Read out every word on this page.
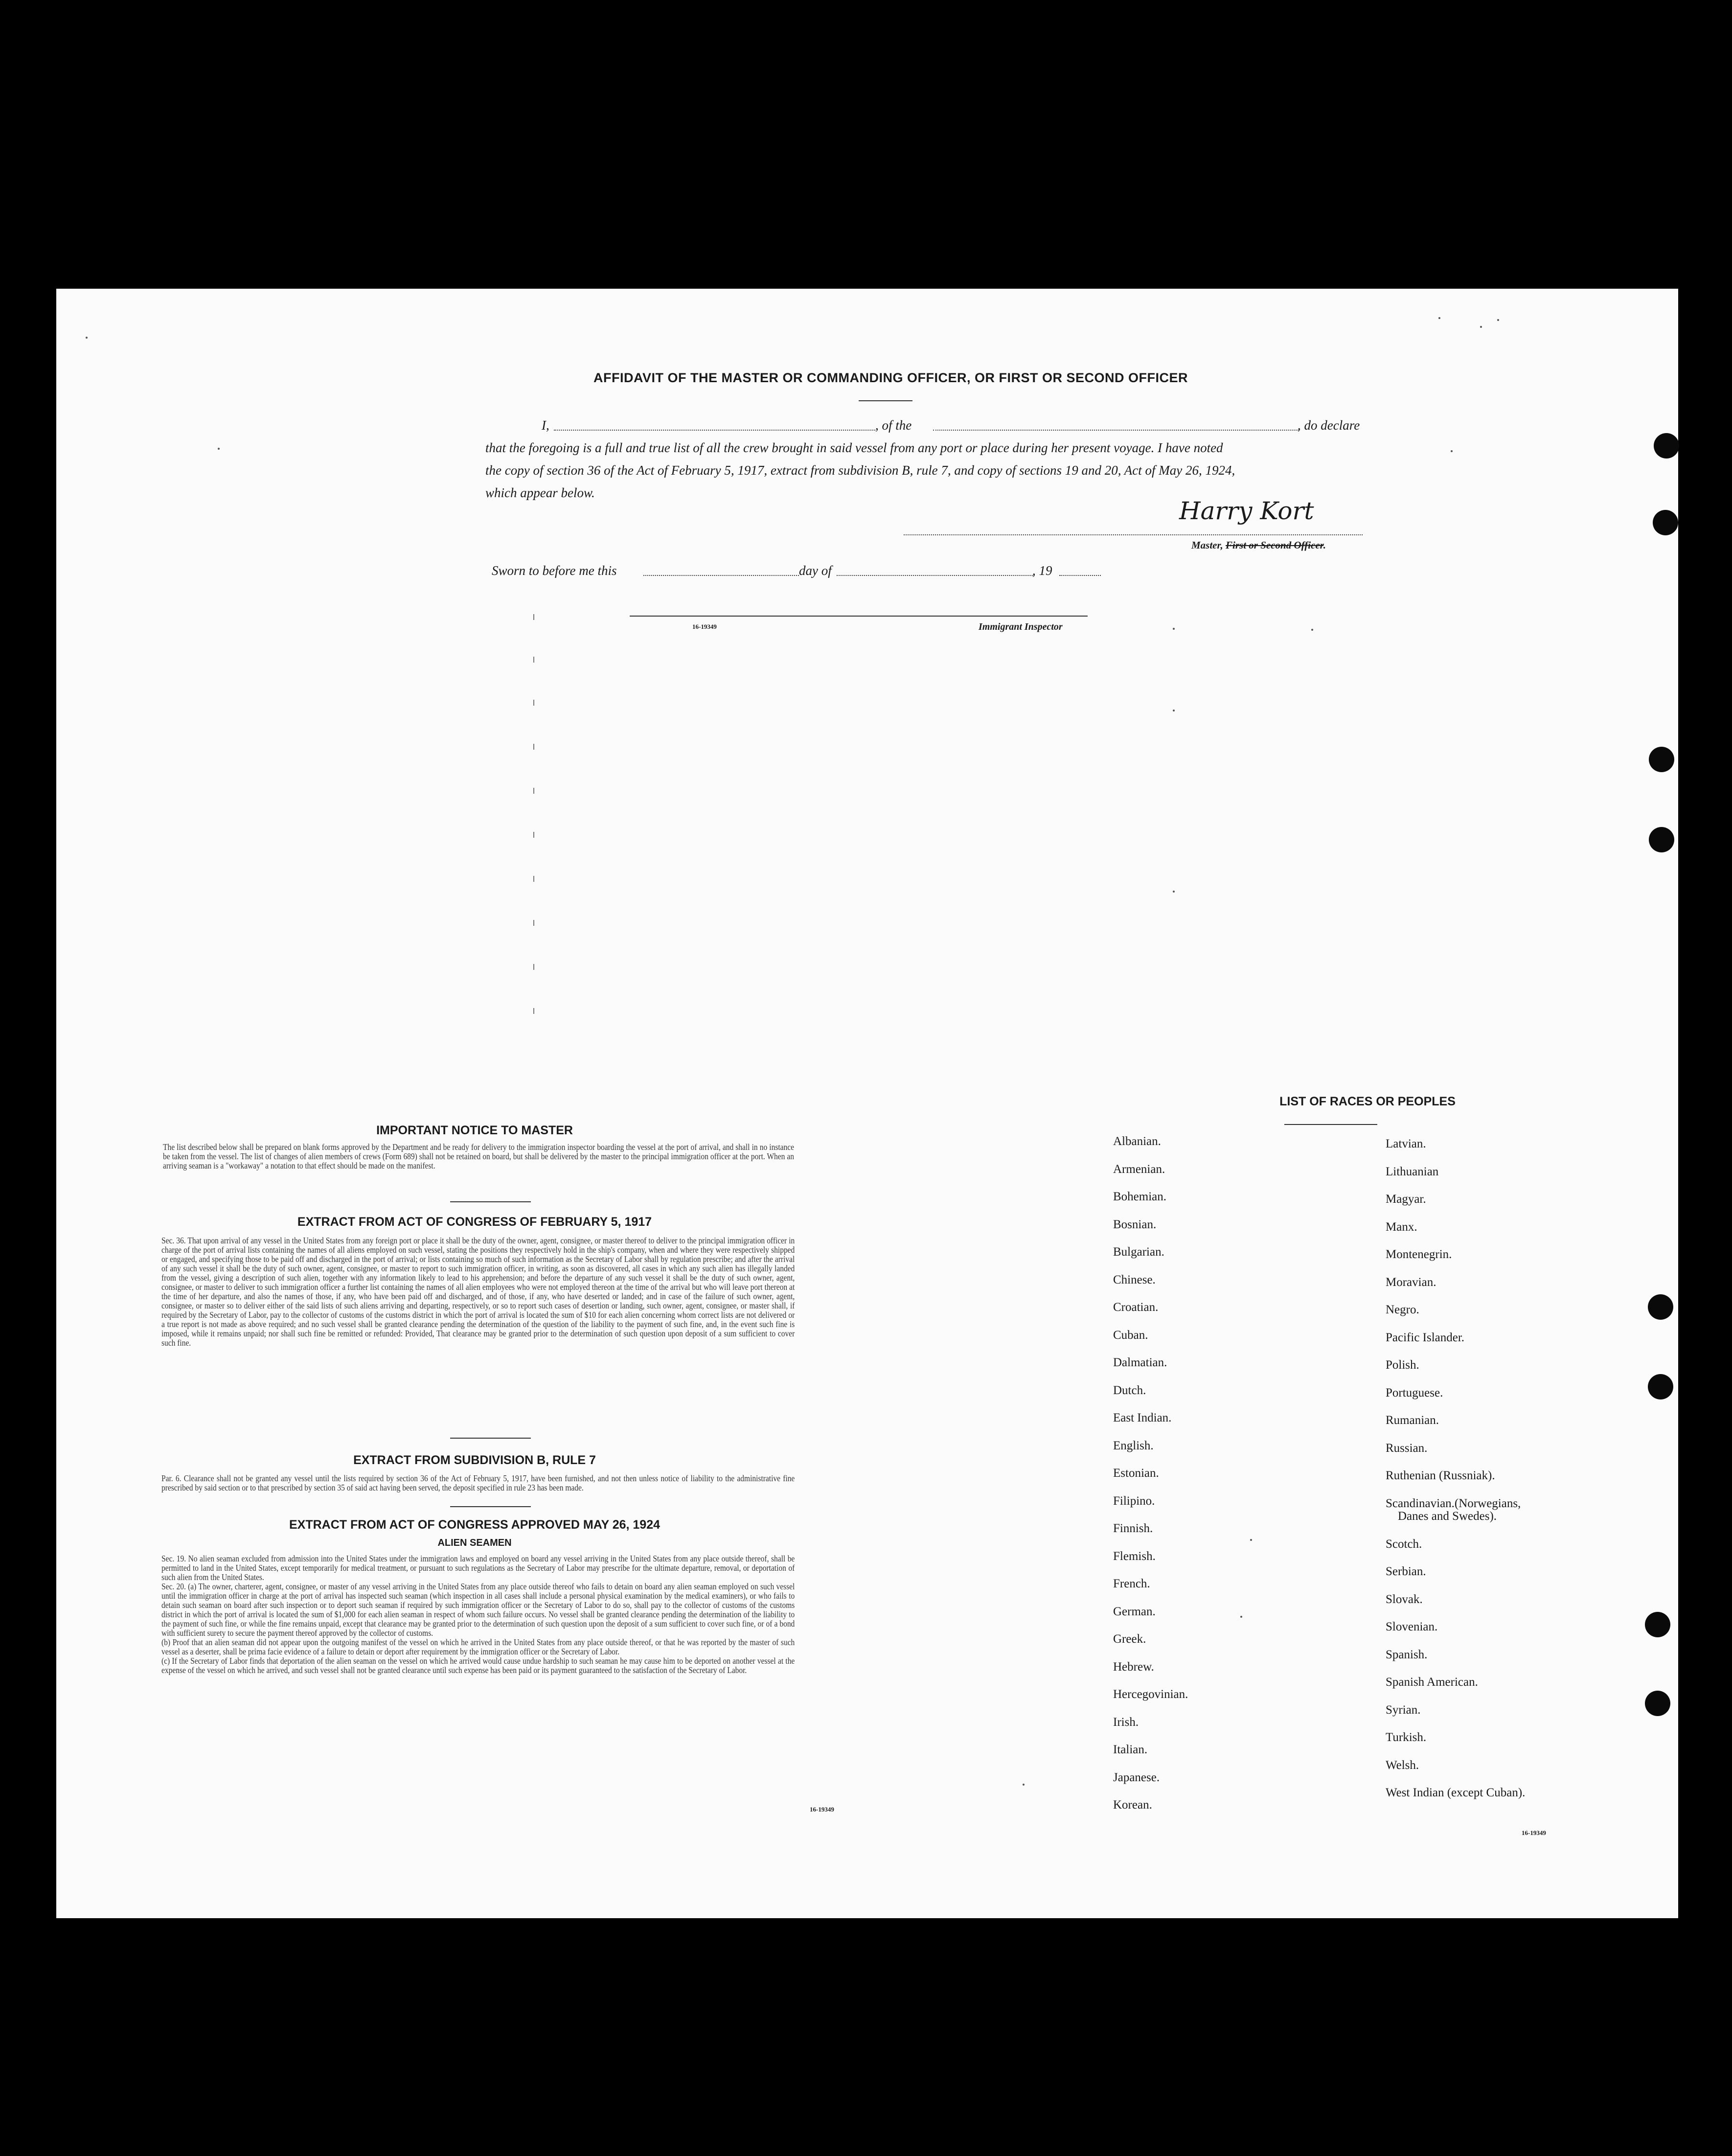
AFFIDAVIT OF THE MASTER OR COMMANDING OFFICER, OR FIRST OR SECOND OFFICER
I,	, of the	, do declare
that the foregoing is a full and true list of all the crew brought in said vessel from any port or place during her present voyage. I have noted
the copy of section 36 of the Act of February 5, 1917, extract from subdivision B, rule 7, and copy of sections 19 and 20, Act of May 26, 1924,
which appear below.
Harry Kort
Master, First or Second Officer.
Sworn to before me this	day of	, 19
16-19349	Immigrant Inspector
IMPORTANT NOTICE TO MASTER
The list described below shall be prepared on blank forms approved by the Department and be ready for delivery to the immigration inspector boarding the vessel at the port of arrival, and shall in no instance be taken from the vessel. The list of changes of alien members of crews (Form 689) shall not be retained on board, but shall be delivered by the master to the principal immigration officer at the port. When an arriving seaman is a "workaway" a notation to that effect should be made on the manifest.
EXTRACT FROM ACT OF CONGRESS OF FEBRUARY 5, 1917
Sec. 36. That upon arrival of any vessel in the United States from any foreign port or place it shall be the duty of the owner, agent, consignee, or master thereof to deliver to the principal immigration officer in charge of the port of arrival lists containing the names of all aliens employed on such vessel, stating the positions they respectively hold in the ship's company, when and where they were respectively shipped or engaged, and specifying those to be paid off and discharged in the port of arrival; or lists containing so much of such information as the Secretary of Labor shall by regulation prescribe; and after the arrival of any such vessel it shall be the duty of such owner, agent, consignee, or master to report to such immigration officer, in writing, as soon as discovered, all cases in which any such alien has illegally landed from the vessel, giving a description of such alien, together with any information likely to lead to his apprehension; and before the departure of any such vessel it shall be the duty of such owner, agent, consignee, or master to deliver to such immigration officer a further list containing the names of all alien employees who were not employed thereon at the time of the arrival but who will leave port thereon at the time of her departure, and also the names of those, if any, who have been paid off and discharged, and of those, if any, who have deserted or landed; and in case of the failure of such owner, agent, consignee, or master so to deliver either of the said lists of such aliens arriving and departing, respectively, or so to report such cases of desertion or landing, such owner, agent, consignee, or master shall, if required by the Secretary of Labor, pay to the collector of customs of the customs district in which the port of arrival is located the sum of $10 for each alien concerning whom correct lists are not delivered or a true report is not made as above required; and no such vessel shall be granted clearance pending the determination of the question of the liability to the payment of such fine, and, in the event such fine is imposed, while it remains unpaid; nor shall such fine be remitted or refunded: Provided, That clearance may be granted prior to the determination of such question upon deposit of a sum sufficient to cover such fine.
EXTRACT FROM SUBDIVISION B, RULE 7
Par. 6. Clearance shall not be granted any vessel until the lists required by section 36 of the Act of February 5, 1917, have been furnished, and not then unless notice of liability to the administrative fine prescribed by said section or to that prescribed by section 35 of said act having been served, the deposit specified in rule 23 has been made.
EXTRACT FROM ACT OF CONGRESS APPROVED MAY 26, 1924
ALIEN SEAMEN
Sec. 19. No alien seaman excluded from admission into the United States under the immigration laws and employed on board any vessel arriving in the United States from any place outside thereof, shall be permitted to land in the United States, except temporarily for medical treatment, or pursuant to such regulations as the Secretary of Labor may prescribe for the ultimate departure, removal, or deportation of such alien from the United States.
Sec. 20. (a) The owner, charterer, agent, consignee, or master of any vessel arriving in the United States from any place outside thereof who fails to detain on board any alien seaman employed on such vessel until the immigration officer in charge at the port of arrival has inspected such seaman (which inspection in all cases shall include a personal physical examination by the medical examiners), or who fails to detain such seaman on board after such inspection or to deport such seaman if required by such immigration officer or the Secretary of Labor to do so, shall pay to the collector of customs of the customs district in which the port of arrival is located the sum of $1,000 for each alien seaman in respect of whom such failure occurs. No vessel shall be granted clearance pending the determination of the liability to the payment of such fine, or while the fine remains unpaid, except that clearance may be granted prior to the determination of such question upon the deposit of a sum sufficient to cover such fine, or of a bond with sufficient surety to secure the payment thereof approved by the collector of customs.
(b) Proof that an alien seaman did not appear upon the outgoing manifest of the vessel on which he arrived in the United States from any place outside thereof, or that he was reported by the master of such vessel as a deserter, shall be prima facie evidence of a failure to detain or deport after requirement by the immigration officer or the Secretary of Labor.
(c) If the Secretary of Labor finds that deportation of the alien seaman on the vessel on which he arrived would cause undue hardship to such seaman he may cause him to be deported on another vessel at the expense of the vessel on which he arrived, and such vessel shall not be granted clearance until such expense has been paid or its payment guaranteed to the satisfaction of the Secretary of Labor.
16-19349
LIST OF RACES OR PEOPLES
Albanian.
Armenian.
Bohemian.
Bosnian.
Bulgarian.
Chinese.
Croatian.
Cuban.
Dalmatian.
Dutch.
East Indian.
English.
Estonian.
Filipino.
Finnish.
Flemish.
French.
German.
Greek.
Hebrew.
Hercegovinian.
Irish.
Italian.
Japanese.
Korean.
Latvian.
Lithuanian
Magyar.
Manx.
Montenegrin.
Moravian.
Negro.
Pacific Islander.
Polish.
Portuguese.
Rumanian.
Russian.
Ruthenian (Russniak).
Scandinavian.(Norwegians,
Danes and Swedes).
Scotch.
Serbian.
Slovak.
Slovenian.
Spanish.
Spanish American.
Syrian.
Turkish.
Welsh.
West Indian (except Cuban).
16-19349
